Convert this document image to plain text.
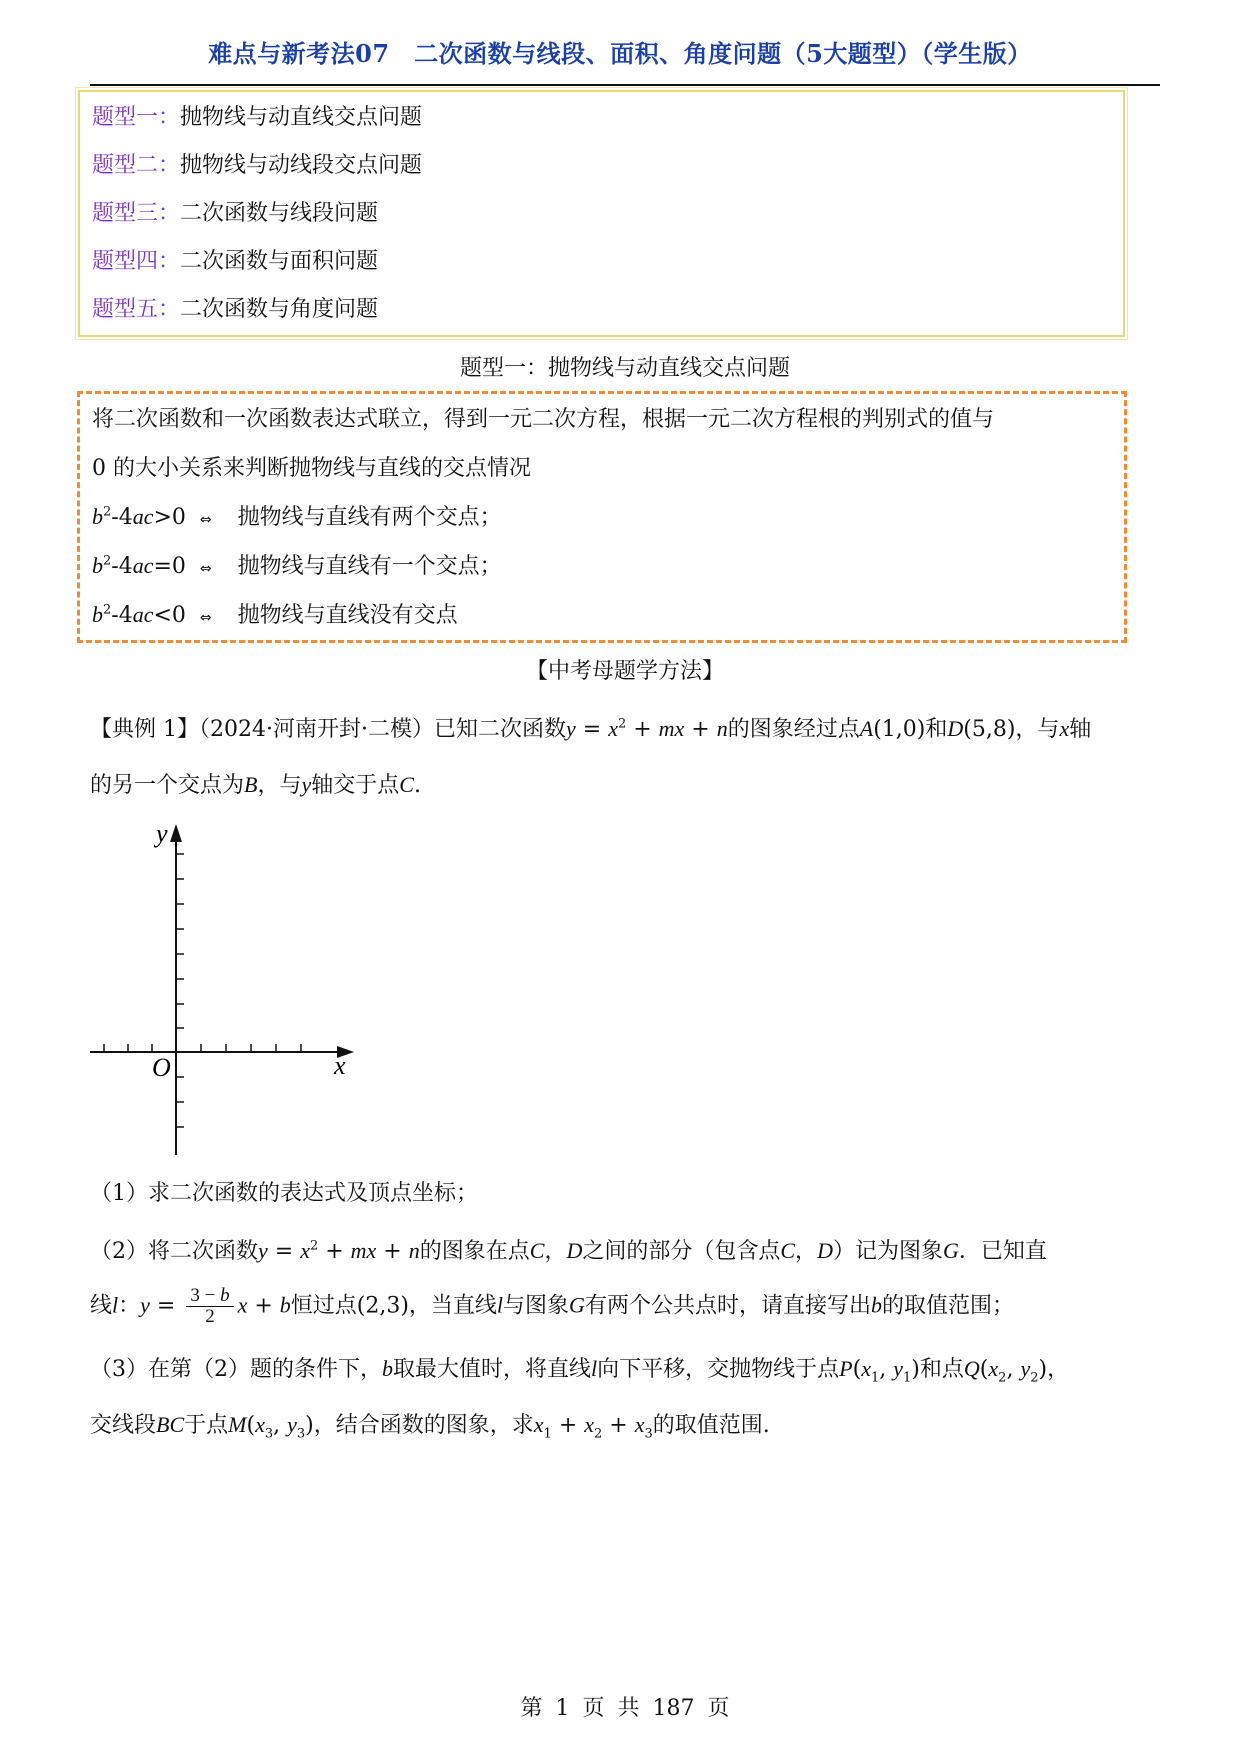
难点与新考法07　二次函数与线段、面积、角度问题（5大题型）（学生版）
题型一：抛物线与动直线交点问题
题型二：抛物线与动线段交点问题
题型三：二次函数与线段问题
题型四：二次函数与面积问题
题型五：二次函数与角度问题
题型一：抛物线与动直线交点问题
将二次函数和一次函数表达式联立，得到一元二次方程，根据一元二次方程根的判别式的值与
0 的大小关系来判断抛物线与直线的交点情况
$b^2-4ac>0$ ⇔ 抛物线与直线有两个交点；
$b^2-4ac=0$ ⇔ 抛物线与直线有一个交点；
$b^2-4ac<0$ ⇔ 抛物线与直线没有交点
【中考母题学方法】
【典例 1】（2024·河南开封·二模）已知二次函数$y = x^2$ + mx + n的图象经过点A(1,0)和D(5,8)，与x轴
的另一个交点为B，与y轴交于点C.
y
x
O
（1）求二次函数的表达式及顶点坐标；
（2）将二次函数$y = x^2$ + mx + n的图象在点C，D之间的部分（包含点C，D）记为图象G．已知直
线l：$y = \frac{3 - b}{2}$ x + b恒过点(2,3)，当直线l与图象G有两个公共点时，请直接写出b的取值范围；
（3）在第（2）题的条件下，b取最大值时，将直线l向下平移，交抛物线于点$P(x_1$, $y_1$)和点$Q(x_2$, $y_2$)，
交线段BC于点$M(x_3$, $y_3$)，结合函数的图象，求$x_1 + x_2 + x_3$的取值范围.
第 1 页 共 187 页
